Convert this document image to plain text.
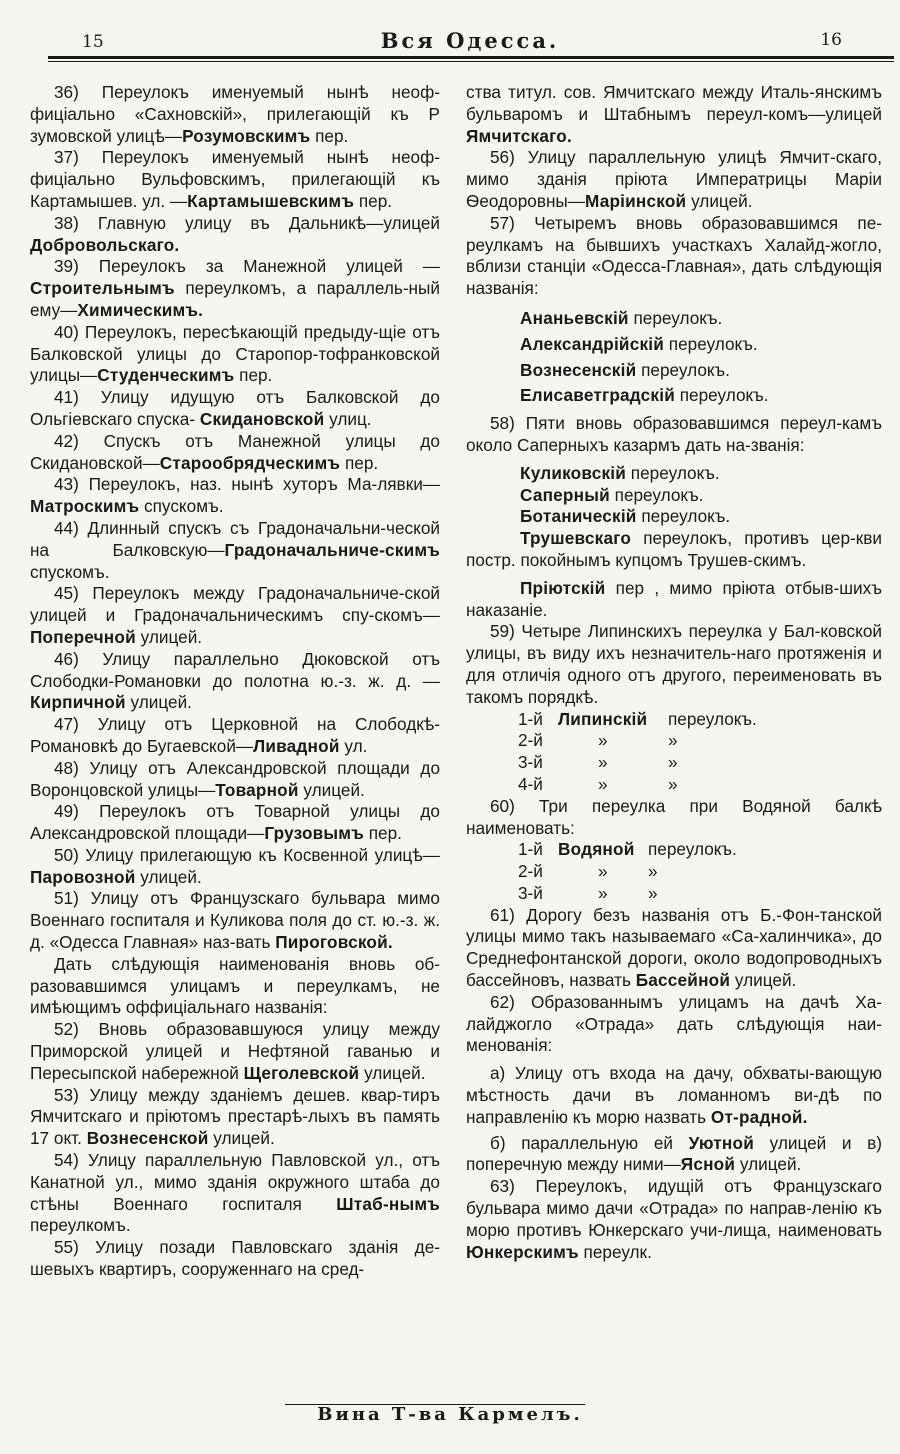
15	Вся Одесса.	16

36) Переулокъ именуемый нынѣ неоф-фиціально «Сахновскій», прилегающій къ Р зумовской улицѣ—Розумовскимъ пер.

37) Переулокъ именуемый нынѣ неоф-фиціально Вульфовскимъ, прилегающій къ Картамышев. ул. —Картамышевскимъ пер.

38) Главную улицу въ Дальникѣ—улицей Добровольскаго.

39) Переулокъ за Манежной улицей — Строительнымъ переулкомъ, а параллель-ный ему—Химическимъ.

40) Переулокъ, пересѣкающій предыду-щіе отъ Балковской улицы до Старопор-тофранковской улицы—Студенческимъ пер.

41) Улицу идущую отъ Балковской до Ольгіевскаго спуска- Скидановской улиц.

42) Спускъ отъ Манежной улицы до Скидановской—Старообрядческимъ пер.

43) Переулокъ, наз. нынѣ хуторъ Ма-лявки—Матроскимъ спускомъ.

44) Длинный спускъ съ Градоначальни-ческой на Балковскую—Градоначальниче-скимъ спускомъ.

45) Переулокъ между Градоначальниче-ской улицей и Градоначальническимъ спу-скомъ—Поперечной улицей.

46) Улицу параллельно Дюковской отъ Слободки-Романовки до полотна ю.-з. ж. д. —Кирпичной улицей.

47) Улицу отъ Церковной на Слободкѣ-Романовкѣ до Бугаевской—Ливадной ул.

48) Улицу отъ Александровской площади до Воронцовской улицы—Товарной улицей.

49) Переулокъ отъ Товарной улицы до Александровской площади—Грузовымъ пер.

50) Улицу прилегающую къ Косвенной улицѣ—Паровозной улицей.

51) Улицу отъ Французскаго бульвара мимо Военнаго госпиталя и Куликова поля до ст. ю.-з. ж. д. «Одесса Главная» наз-вать Пироговской.

Дать слѣдующія наименованія вновь об-разовавшимся улицамъ и переулкамъ, не имѣющимъ оффиціальнаго названія:

52) Вновь образовавшуюся улицу между Приморской улицей и Нефтяной гаванью и Пересыпской набережной Щеголевской улицей.

53) Улицу между зданіемъ дешев. квар-тиръ Ямчитскаго и пріютомъ престарѣ-лыхъ въ память 17 окт. Вознесенской улицей.

54) Улицу параллельную Павловской ул., отъ Канатной ул., мимо зданія окружного штаба до стѣны Военнаго госпиталя Штаб-нымъ переулкомъ.

55) Улицу позади Павловскаго зданія де-шевыхъ квартиръ, сооруженнаго на сред-

ства титул. сов. Ямчитскаго между Италь-янскимъ бульваромъ и Штабнымъ переул-комъ—улицей Ямчитскаго.

56) Улицу параллельную улицѣ Ямчит-скаго, мимо зданія пріюта Императрицы Маріи Ѳеодоровны—Маріинской улицей.

57) Четыремъ вновь образовавшимся пе-реулкамъ на бывшихъ участкахъ Халайд-жогло, вблизи станціи «Одесса-Главная», дать слѣдующія названія:

Ананьевскій переулокъ.

Александрійскій переулокъ.

Вознесенскій переулокъ.

Елисаветградскій переулокъ.

58) Пяти вновь образовавшимся переул-камъ около Саперныхъ казармъ дать на-званія:

Куликовскій переулокъ.

Саперный переулокъ.

Ботаническій переулокъ.

Трушевскаго переулокъ, противъ цер-кви постр. покойнымъ купцомъ Трушев-скимъ.

Пріютскій пер , мимо пріюта отбыв-шихъ наказаніе.

59) Четыре Липинскихъ переулка у Бал-ковской улицы, въ виду ихъ незначитель-наго протяженія и для отличія одного отъ другого, переименовать въ такомъ порядкѣ.

1-й Липинскій	переулокъ.
2-й	»	»
3-й	»	»
4-й	»	»

60) Три переулка при Водяной балкѣ наименовать:

1-й Водяной переулокъ.
2-й	»	»
3-й	»	»

61) Дорогу безъ названія отъ Б.-Фон-танской улицы мимо такъ называемаго «Са-халинчика», до Среднефонтанской дороги, около водопроводныхъ бассейновъ, назвать Бассейной улицей.

62) Образованнымъ улицамъ на дачѣ Ха-лайджогло «Отрада» дать слѣдующія наи-менованія:

а) Улицу отъ входа на дачу, обхваты-вающую мѣстность дачи въ ломанномъ ви-дѣ по направленію къ морю назвать От-радной.

б) параллельную ей Уютной улицей и в) поперечную между ними—Ясной улицей.

63) Переулокъ, идущій отъ Французскаго бульвара мимо дачи «Отрада» по направ-ленію къ морю противъ Юнкерскаго учи-лища, наименовать Юнкерскимъ переулк.

Вина Т-ва Кармелъ.
